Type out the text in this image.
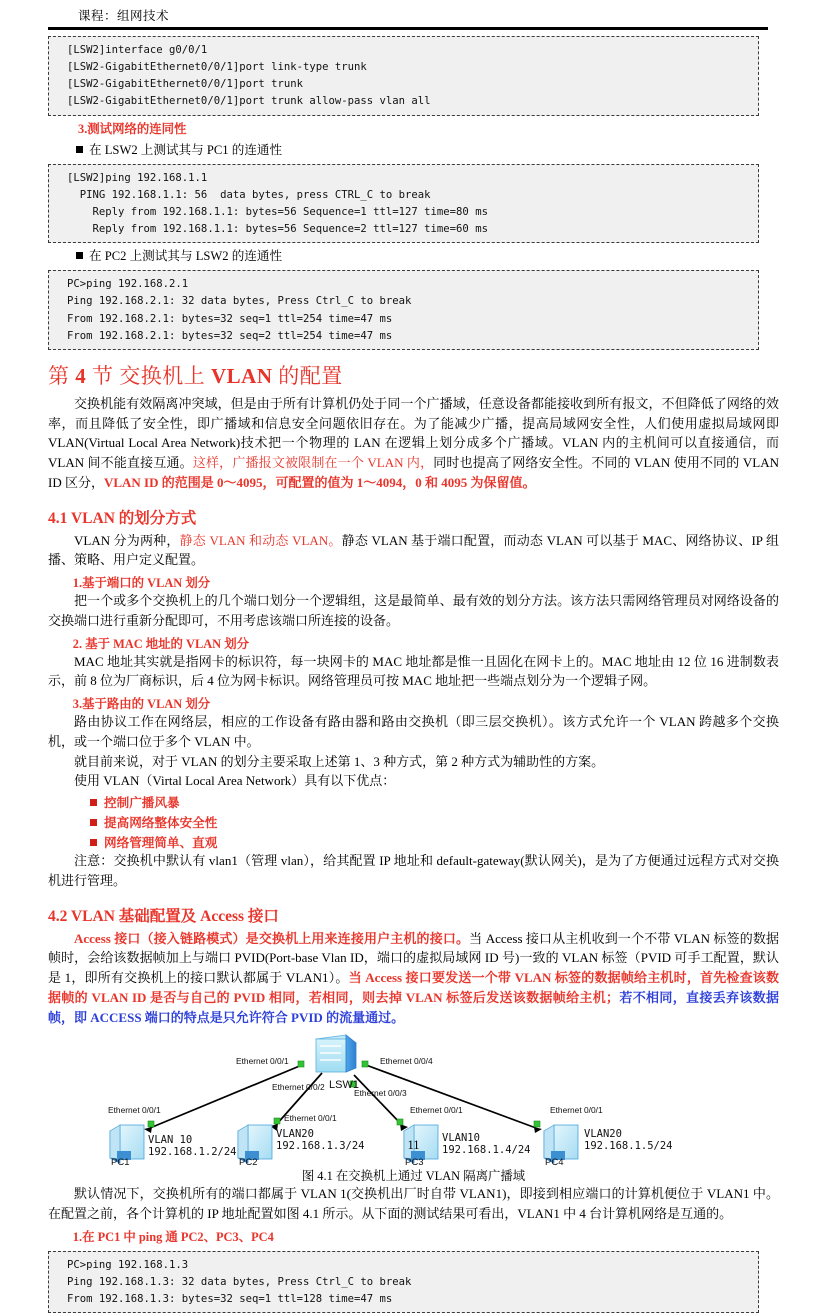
课程：组网技术
[LSW2]interface g0/0/1
[LSW2-GigabitEthernet0/0/1]port link-type trunk
[LSW2-GigabitEthernet0/0/1]port trunk
[LSW2-GigabitEthernet0/0/1]port trunk allow-pass vlan all

3.测试网络的连同性

在 LSW2 上测试其与 PC1 的连通性

[LSW2]ping 192.168.1.1
PING 192.168.1.1: 56  data bytes, press CTRL_C to break
Reply from 192.168.1.1: bytes=56 Sequence=1 ttl=127 time=80 ms
Reply from 192.168.1.1: bytes=56 Sequence=2 ttl=127 time=60 ms

在 PC2 上测试其与 LSW2 的连通性

PC>ping 192.168.2.1
Ping 192.168.2.1: 32 data bytes, Press Ctrl_C to break
From 192.168.2.1: bytes=32 seq=1 ttl=254 time=47 ms
From 192.168.2.1: bytes=32 seq=2 ttl=254 time=47 ms
第 4 节 交换机上 VLAN 的配置

交换机能有效隔离冲突域，但是由于所有计算机仍处于同一个广播域，任意设备都能接收到所有报文，不但降低了网络的效率，而且降低了安全性，即广播域和信息安全问题依旧存在。为了能减少广播，提高局域网安全性，人们使用虚拟局域网即 VLAN(Virtual Local Area Network)技术把一个物理的 LAN 在逻辑上划分成多个广播域。VLAN 内的主机间可以直接通信，而 VLAN 间不能直接互通。这样，广播报文被限制在一个 VLAN 内，同时也提高了网络安全性。不同的 VLAN 使用不同的 VLAN ID 区分，VLAN ID 的范围是 0～4095，可配置的值为 1～4094，0 和 4095 为保留值。

4.1 VLAN 的划分方式

VLAN 分为两种，静态 VLAN 和动态 VLAN。静态 VLAN 基于端口配置，而动态 VLAN 可以基于 MAC、网络协议、IP 组播、策略、用户定义配置。

1.基于端口的 VLAN 划分

把一个或多个交换机上的几个端口划分一个逻辑组，这是最简单、最有效的划分方法。该方法只需网络管理员对网络设备的交换端口进行重新分配即可，不用考虑该端口所连接的设备。

2. 基于 MAC 地址的 VLAN 划分

MAC 地址其实就是指网卡的标识符，每一块网卡的 MAC 地址都是惟一且固化在网卡上的。MAC 地址由 12 位 16 进制数表示，前 8 位为厂商标识，后 4 位为网卡标识。网络管理员可按 MAC 地址把一些端点划分为一个逻辑子网。

3.基于路由的 VLAN 划分

路由协议工作在网络层，相应的工作设备有路由器和路由交换机（即三层交换机）。该方式允许一个 VLAN 跨越多个交换机，或一个端口位于多个 VLAN 中。

就目前来说，对于 VLAN 的划分主要采取上述第 1、3 种方式，第 2 种方式为辅助性的方案。

使用 VLAN（Virtal Local Area Network）具有以下优点：

控制广播风暴

提高网络整体安全性

网络管理简单、直观

注意：交换机中默认有 vlan1（管理 vlan），给其配置 IP 地址和 default-gateway(默认网关)，是为了方便通过远程方式对交换机进行管理。

4.2 VLAN 基础配置及 Access 接口

Access 接口（接入链路模式）是交换机上用来连接用户主机的接口。当 Access 接口从主机收到一个不带 VLAN 标签的数据帧时，会给该数据帧加上与端口 PVID(Port-base Vlan ID，端口的虚拟局域网 ID 号)一致的 VLAN 标签（PVID 可手工配置，默认是 1，即所有交换机上的接口默认都属于 VLAN1）。当 Access 接口要发送一个带 VLAN 标签的数据帧给主机时，首先检查该数据帧的 VLAN ID 是否与自己的 PVID 相同，若相同，则去掉 VLAN 标签后发送该数据帧给主机；若不相同，直接丢弃该数据帧，即 ACCESS 端口的特点是只允许符合 PVID 的流量通过。

Ethernet 0/0/1
Ethernet 0/0/2
Ethernet 0/0/3
Ethernet 0/0/4
LSW1
PC1
Ethernet 0/0/1
VLAN 10
192.168.1.2/24
PC2
Ethernet 0/0/1
VLAN20
192.168.1.3/24
PC3
Ethernet 0/0/1
VLAN10
192.168.1.4/24
PC4
Ethernet 0/0/1
VLAN20
192.168.1.5/24

图 4.1 在交换机上通过 VLAN 隔离广播域

默认情况下，交换机所有的端口都属于 VLAN 1(交换机出厂时自带 VLAN1)，即接到相应端口的计算机便位于 VLAN1 中。在配置之前，各个计算机的 IP 地址配置如图 4.1 所示。从下面的测试结果可看出，VLAN1 中 4 台计算机网络是互通的。

1.在 PC1 中 ping 通 PC2、PC3、PC4

PC>ping 192.168.1.3
Ping 192.168.1.3: 32 data bytes, Press Ctrl_C to break
From 192.168.1.3: bytes=32 seq=1 ttl=128 time=47 ms
11
